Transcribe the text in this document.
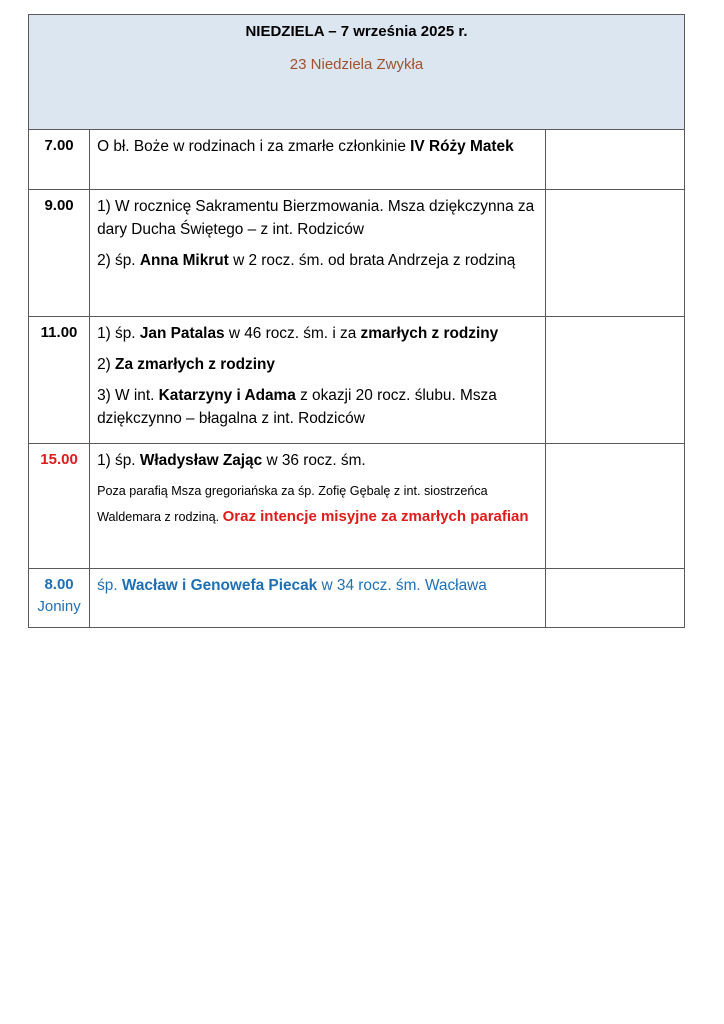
NIEDZIELA – 7 września 2025 r.
23 Niedziela Zwykła		

7.00	O bł. Boże w rodzinach i za zmarłe członkinie IV Róży Matek	

9.00	1) W rocznicę Sakramentu Bierzmowania. Msza dziękczynna za dary Ducha Świętego – z int. Rodziców

2) śp. Anna Mikrut w 2 rocz. śm. od brata Andrzeja z rodziną	

11.00	1) śp. Jan Patalas w 46 rocz. śm. i za zmarłych z rodziny

2) Za zmarłych z rodziny

3) W int. Katarzyny i Adama z okazji 20 rocz. ślubu. Msza dziękczynno – błagalna z int. Rodziców	

15.00	1) śp. Władysław Zając w 36 rocz. śm.

Poza parafią Msza gregoriańska za śp. Zofię Gębalę z int. siostrzeńca Waldemara z rodziną. Oraz intencje misyjne za zmarłych parafian	

8.00
Joniny	śp. Wacław i Genowefa Piecak w 34 rocz. śm. Wacława	
